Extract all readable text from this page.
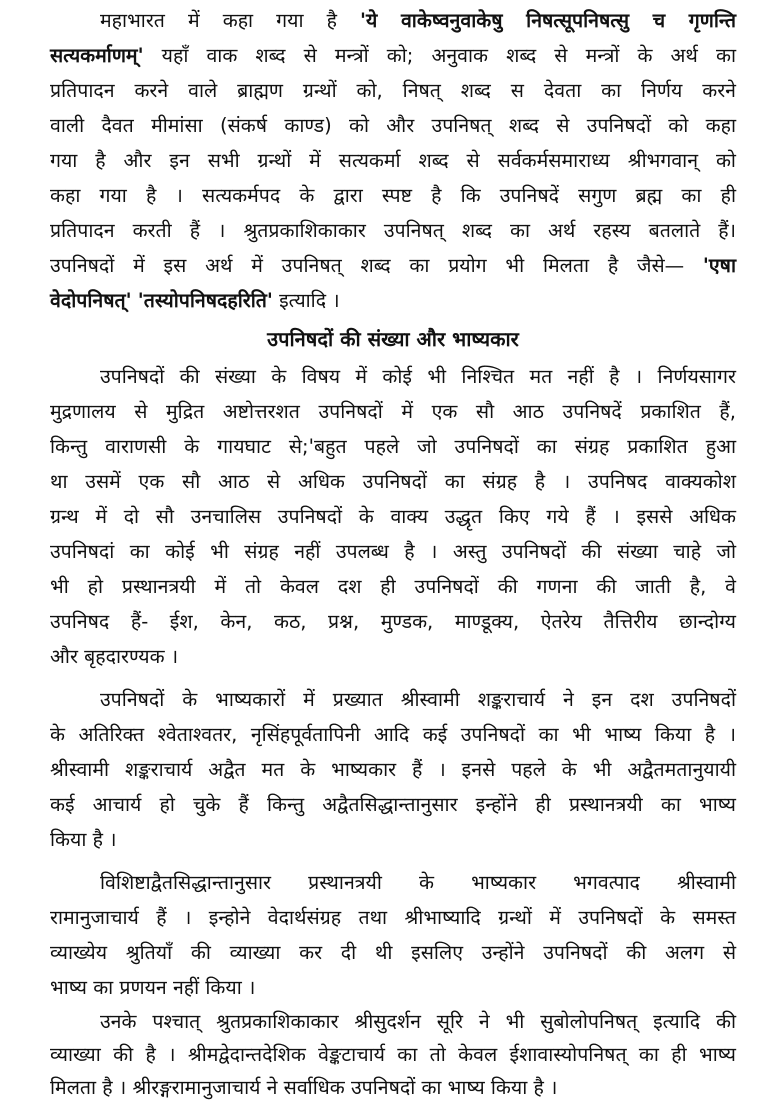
महाभारत में कहा गया है 'ये वाकेष्वनुवाकेषु निषत्सूपनिषत्सु च गृणन्ति
सत्यकर्माणम्' यहाँ वाक शब्द से मन्त्रों को; अनुवाक शब्द से मन्त्रों के अर्थ का
प्रतिपादन करने वाले ब्राह्मण ग्रन्थों को, निषत् शब्द स देवता का निर्णय करने
वाली दैवत मीमांसा (संकर्ष काण्ड) को और उपनिषत् शब्द से उपनिषदों को कहा
गया है और इन सभी ग्रन्थों में सत्यकर्मा शब्द से सर्वकर्मसमाराध्य श्रीभगवान् को
कहा गया है । सत्यकर्मपद के द्वारा स्पष्ट है कि उपनिषदें सगुण ब्रह्म का ही
प्रतिपादन करती हैं । श्रुतप्रकाशिकाकार उपनिषत् शब्द का अर्थ रहस्य बतलाते हैं।
उपनिषदों में इस अर्थ में उपनिषत् शब्द का प्रयोग भी मिलता है जैसे— 'एषा
वेदोपनिषत्' 'तस्योपनिषदहरिति' इत्यादि ।
उपनिषदों की संख्या और भाष्यकार
उपनिषदों की संख्या के विषय में कोई भी निश्चित मत नहीं है । निर्णयसागर
मुद्रणालय से मुद्रित अष्टोत्तरशत उपनिषदों में एक सौ आठ उपनिषदें प्रकाशित हैं,
किन्तु वाराणसी के गायघाट से;'बहुत पहले जो उपनिषदों का संग्रह प्रकाशित हुआ
था उसमें एक सौ आठ से अधिक उपनिषदों का संग्रह है । उपनिषद वाक्यकोश
ग्रन्थ में दो सौ उनचालिस उपनिषदों के वाक्य उद्धृत किए गये हैं । इससे अधिक
उपनिषदां का कोई भी संग्रह नहीं उपलब्ध है । अस्तु उपनिषदों की संख्या चाहे जो
भी हो प्रस्थानत्रयी में तो केवल दश ही उपनिषदों की गणना की जाती है, वे
उपनिषद हैं- ईश, केन, कठ, प्रश्न, मुण्डक, माण्डूक्य, ऐतरेय तैत्तिरीय छान्दोग्य
और बृहदारण्यक ।
उपनिषदों के भाष्यकारों में प्रख्यात श्रीस्वामी शङ्कराचार्य ने इन दश उपनिषदों
के अतिरिक्त श्वेताश्वतर, नृसिंहपूर्वतापिनी आदि कई उपनिषदों का भी भाष्य किया है ।
श्रीस्वामी शङ्कराचार्य अद्वैत मत के भाष्यकार हैं । इनसे पहले के भी अद्वैतमतानुयायी
कई आचार्य हो चुके हैं किन्तु अद्वैतसिद्धान्तानुसार इन्होंने ही प्रस्थानत्रयी का भाष्य
किया है ।
विशिष्टाद्वैतसिद्धान्तानुसार प्रस्थानत्रयी के भाष्यकार भगवत्पाद श्रीस्वामी
रामानुजाचार्य हैं । इन्होने वेदार्थसंग्रह तथा श्रीभाष्यादि ग्रन्थों में उपनिषदों के समस्त
व्याख्येय श्रुतियाँ की व्याख्या कर दी थी इसलिए उन्होंने उपनिषदों की अलग से
भाष्य का प्रणयन नहीं किया ।
उनके पश्चात् श्रुतप्रकाशिकाकार श्रीसुदर्शन सूरि ने भी सुबोलोपनिषत् इत्यादि की
व्याख्या की है । श्रीमद्वेदान्तदेशिक वेङ्कटाचार्य का तो केवल ईशावास्योपनिषत् का ही भाष्य
मिलता है । श्रीरङ्गरामानुजाचार्य ने सर्वाधिक उपनिषदों का भाष्य किया है ।
